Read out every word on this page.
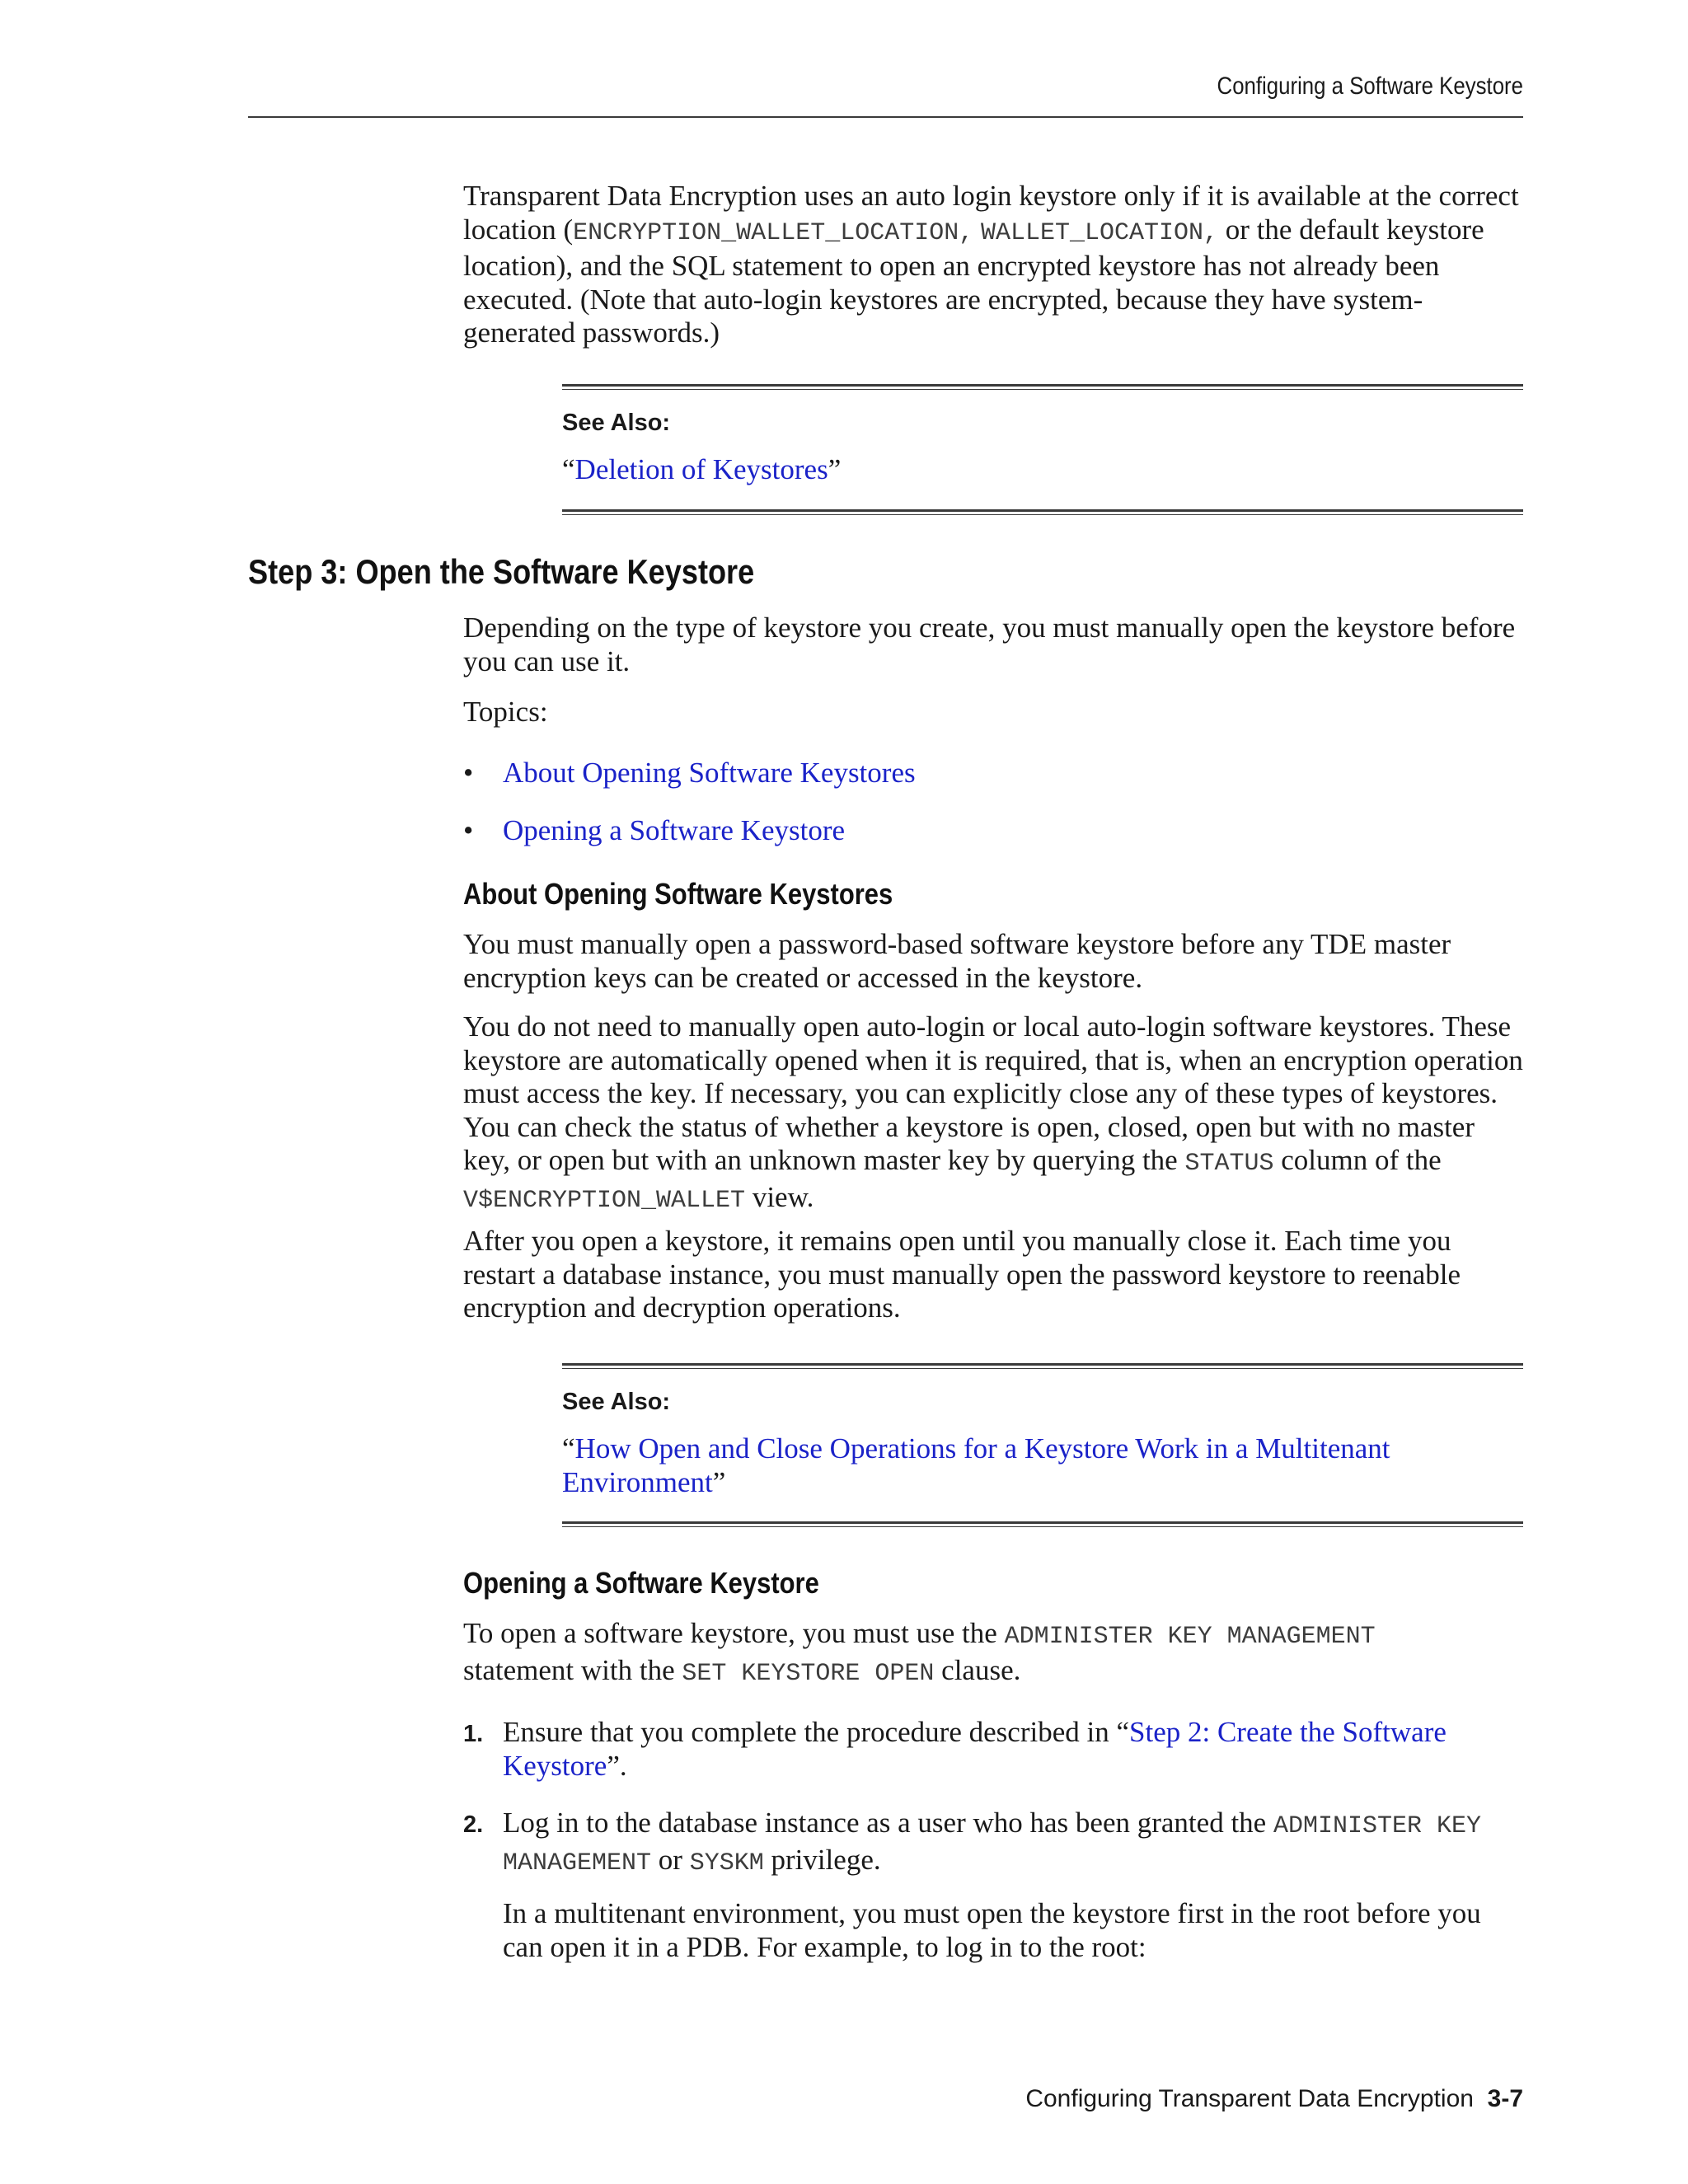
Configuring a Software Keystore
Transparent Data Encryption uses an auto login keystore only if it is available at the correct location (ENCRYPTION_WALLET_LOCATION, WALLET_LOCATION, or the default keystore location), and the SQL statement to open an encrypted keystore has not already been executed. (Note that auto-login keystores are encrypted, because they have system-generated passwords.)
See Also:
“Deletion of Keystores”
Step 3: Open the Software Keystore
Depending on the type of keystore you create, you must manually open the keystore before you can use it.
Topics:
• About Opening Software Keystores
• Opening a Software Keystore
About Opening Software Keystores
You must manually open a password-based software keystore before any TDE master encryption keys can be created or accessed in the keystore.
You do not need to manually open auto-login or local auto-login software keystores. These keystore are automatically opened when it is required, that is, when an encryption operation must access the key. If necessary, you can explicitly close any of these types of keystores. You can check the status of whether a keystore is open, closed, open but with no master key, or open but with an unknown master key by querying the STATUS column of the V$ENCRYPTION_WALLET view.
After you open a keystore, it remains open until you manually close it. Each time you restart a database instance, you must manually open the password keystore to reenable encryption and decryption operations.
See Also:
“How Open and Close Operations for a Keystore Work in a Multitenant Environment”
Opening a Software Keystore
To open a software keystore, you must use the ADMINISTER KEY MANAGEMENT
statement with the SET KEYSTORE OPEN clause.
1. Ensure that you complete the procedure described in “Step 2: Create the Software Keystore”.
2. Log in to the database instance as a user who has been granted the ADMINISTER KEY MANAGEMENT or SYSKM privilege.
In a multitenant environment, you must open the keystore first in the root before you can open it in a PDB. For example, to log in to the root:
Configuring Transparent Data Encryption 3-7
